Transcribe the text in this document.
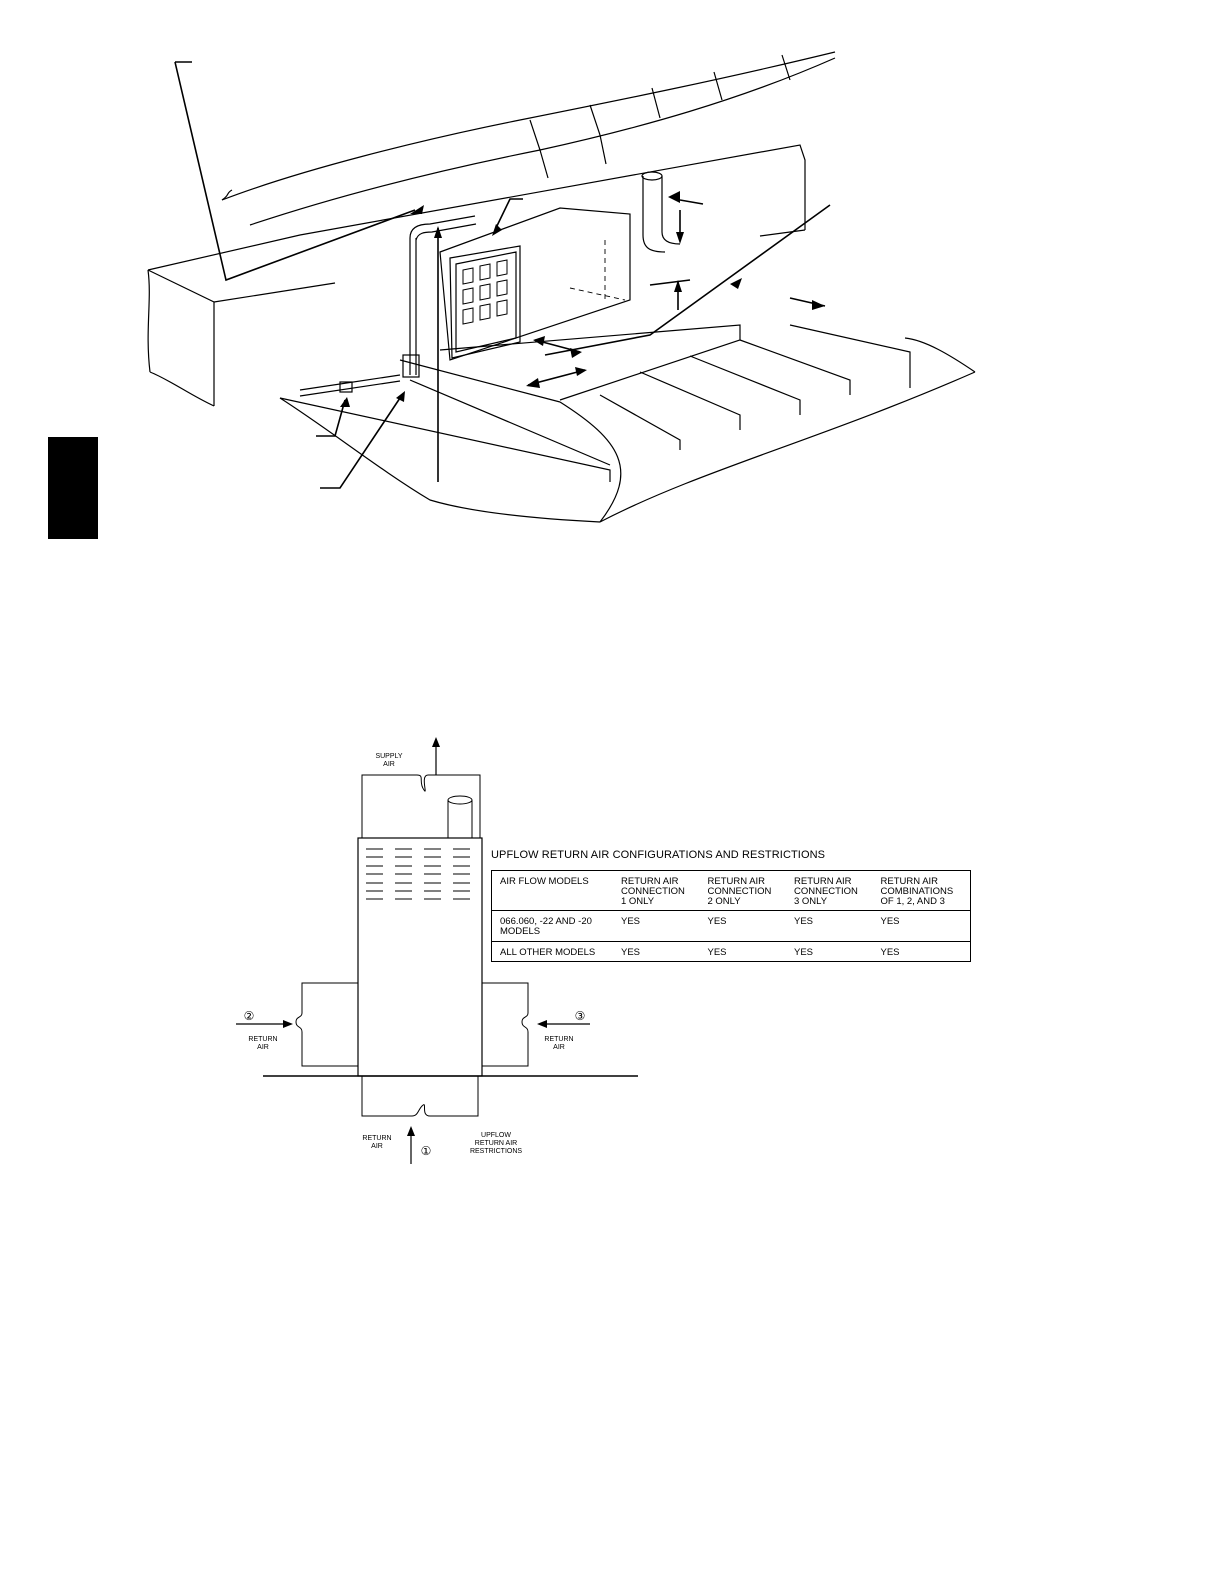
SUPPLY
AIR
②
RETURN
AIR
③
RETURN
AIR
RETURN
AIR	①
UPFLOW
RETURN AIR
RESTRICTIONS
UPFLOW RETURN AIR CONFIGURATIONS AND RESTRICTIONS
AIR FLOW MODELS	RETURN AIR CONNECTION 1 ONLY	RETURN AIR CONNECTION 2 ONLY	RETURN AIR CONNECTION 3 ONLY	RETURN AIR COMBINATIONS OF 1, 2, AND 3
066.060, -22 AND -20 MODELS	YES	YES	YES	YES
ALL OTHER MODELS	YES	YES	YES	YES
